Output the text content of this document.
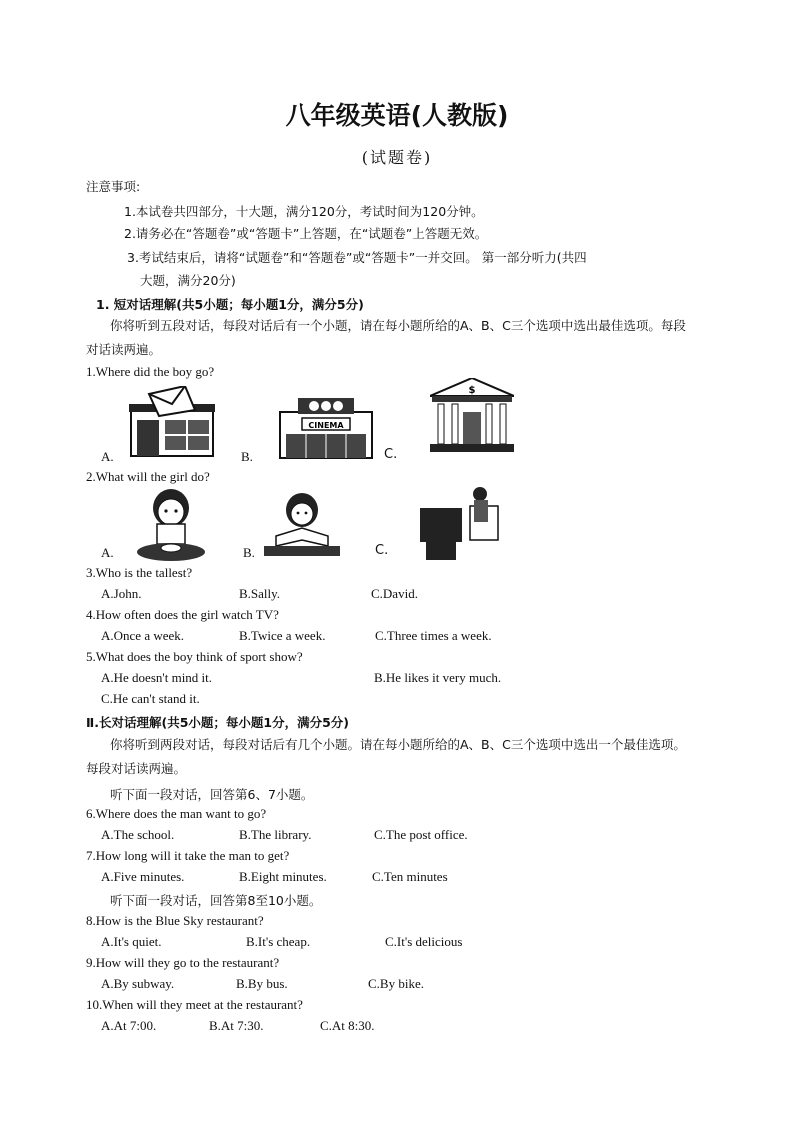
八年级英语(人教版)
(试题卷)
注意事项:
1.本试卷共四部分，十大题，满分120分，考试时间为120分钟。
2.请务必在“答题卷”或“答题卡”上答题，在“试题卷”上答题无效。
3.考试结束后，请将“试题卷”和“答题卷”或“答题卡”一并交回。 第一部分听力(共四
大题，满分20分)
1. 短对话理解(共5小题；每小题1分，满分5分)
你将听到五段对话，每段对话后有一个小题，请在每小题所给的A、B、C三个选项中选出最佳选项。每段对话读两遍。
1.Where did the boy go?
A.	B.
CINEMA
C.
$
2.What will the girl do?
A.	B.	C.
3.Who is the tallest?
A.John.	B.Sally.	C.David.
4.How often does the girl watch TV?
A.Once a week.	B.Twice a week.	C.Three times a week.
5.What does the boy think of sport show?
A.He doesn't mind it.	B.He likes it very much.
C.He can't stand it.
Ⅱ.长对话理解(共5小题；每小题1分，满分5分)
你将听到两段对话，每段对话后有几个小题。请在每小题所给的A、B、C三个选项中选出一个最佳选项。每段对话读两遍。
听下面一段对话，回答第6、7小题。
6.Where does the man want to go?
A.The school.	B.The library.	C.The post office.
7.How long will it take the man to get?
A.Five minutes.	B.Eight minutes.	C.Ten minutes
听下面一段对话，回答第8至10小题。
8.How is the Blue Sky restaurant?
A.It's quiet.	B.It's cheap.	C.It's delicious
9.How will they go to the restaurant?
A.By subway.	B.By bus.	C.By bike.
10.When will they meet at the restaurant?
A.At 7:00.	B.At 7:30.	C.At 8:30.
